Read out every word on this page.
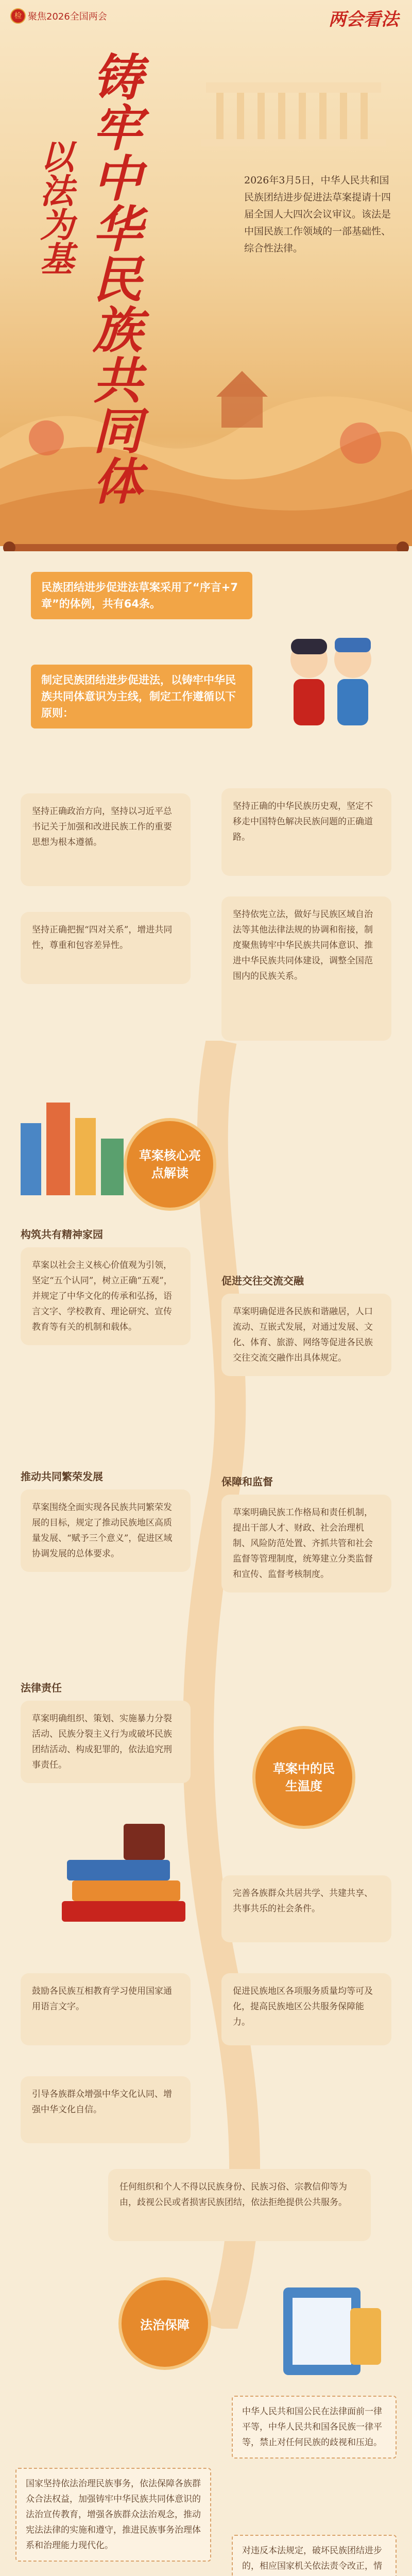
检 聚焦2026全国两会	两会看法
铸牢中华民族共同体
以法为基	2026年3月5日，中华人民共和国民族团结进步促进法草案提请十四届全国人大四次会议审议。该法是中国民族工作领域的一部基础性、综合性法律。
民族团结进步促进法草案采用了“序言+7章”的体例，共有64条。
制定民族团结进步促进法，以铸牢中华民族共同体意识为主线，制定工作遵循以下原则：
坚持正确政治方向，坚持以习近平总书记关于加强和改进民族工作的重要思想为根本遵循。
坚持正确的中华民族历史观，坚定不移走中国特色解决民族问题的正确道路。
坚持正确把握“四对关系”，增进共同性，尊重和包容差异性。
坚持依宪立法，做好与民族区域自治法等其他法律法规的协调和衔接，制度聚焦铸牢中华民族共同体意识、推进中华民族共同体建设，调整全国范围内的民族关系。
草案核心亮点解读
构筑共有精神家园
草案以社会主义核心价值观为引领，坚定“五个认同”，树立正确“五观”，并规定了中华文化的传承和弘扬，语言文字、学校教育、理论研究、宣传教育等有关的机制和载体。
促进交往交流交融
草案明确促进各民族和谐融居，人口流动、互嵌式发展，对通过发展、文化、体育、旅游、网络等促进各民族交往交流交融作出具体规定。
推动共同繁荣发展
草案围绕全面实现各民族共同繁荣发展的目标，规定了推动民族地区高质量发展、“赋予三个意义”，促进区域协调发展的总体要求。
保障和监督
草案明确民族工作格局和责任机制，提出干部人才、财政、社会治理机制、风险防范处置、齐抓共管和社会监督等管理制度，统筹建立分类监督和宣传、监督考核制度。
法律责任
草案明确组织、策划、实施暴力分裂活动、民族分裂主义行为或破坏民族团结活动、构成犯罪的，依法追究刑事责任。	草案中的民生温度
完善各族群众共居共学、共建共享、共事共乐的社会条件。
鼓励各民族互相教育学习使用国家通用语言文字。
促进民族地区各项服务质量均等可及化，提高民族地区公共服务保障能力。
引导各族群众增强中华文化认同、增强中华文化自信。
任何组织和个人不得以民族身份、民族习俗、宗教信仰等为由，歧视公民或者损害民族团结，依法拒绝提供公共服务。
法治保障
中华人民共和国公民在法律面前一律平等，中华人民共和国各民族一律平等，禁止对任何民族的歧视和压迫。
国家坚持依法治理民族事务，依法保障各族群众合法权益，加强铸牢中华民族共同体意识的法治宣传教育，增强各族群众法治观念，推动宪法法律的实施和遵守，推进民族事务治理体系和治理能力现代化。	对违反本法规定，破坏民族团结进步的，相应国家机关依法责令改正，情
